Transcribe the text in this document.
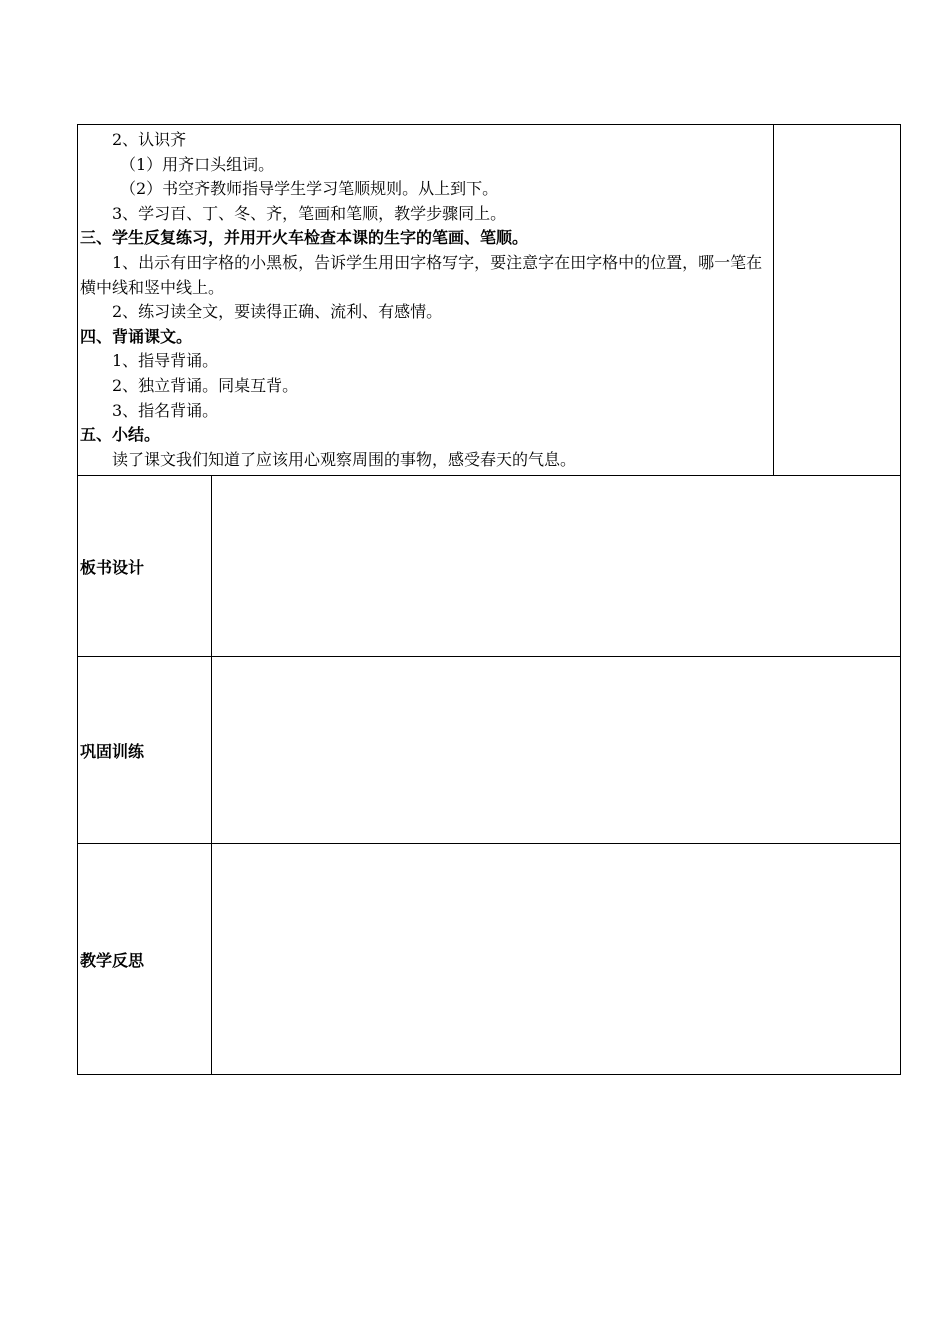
2、认识齐
（1）用齐口头组词。
（2）书空齐教师指导学生学习笔顺规则。从上到下。
3、学习百、丁、冬、齐，笔画和笔顺，教学步骤同上。
三、学生反复练习，并用开火车检查本课的生字的笔画、笔顺。
1、出示有田字格的小黑板，告诉学生用田字格写字，要注意字在田字格中的位置，哪一笔在横中线和竖中线上。
2、练习读全文，要读得正确、流利、有感情。
四、背诵课文。
1、指导背诵。
2、独立背诵。同桌互背。
3、指名背诵。
五、小结。
读了课文我们知道了应该用心观察周围的事物，感受春天的气息。
板书设计
巩固训练
教学反思
